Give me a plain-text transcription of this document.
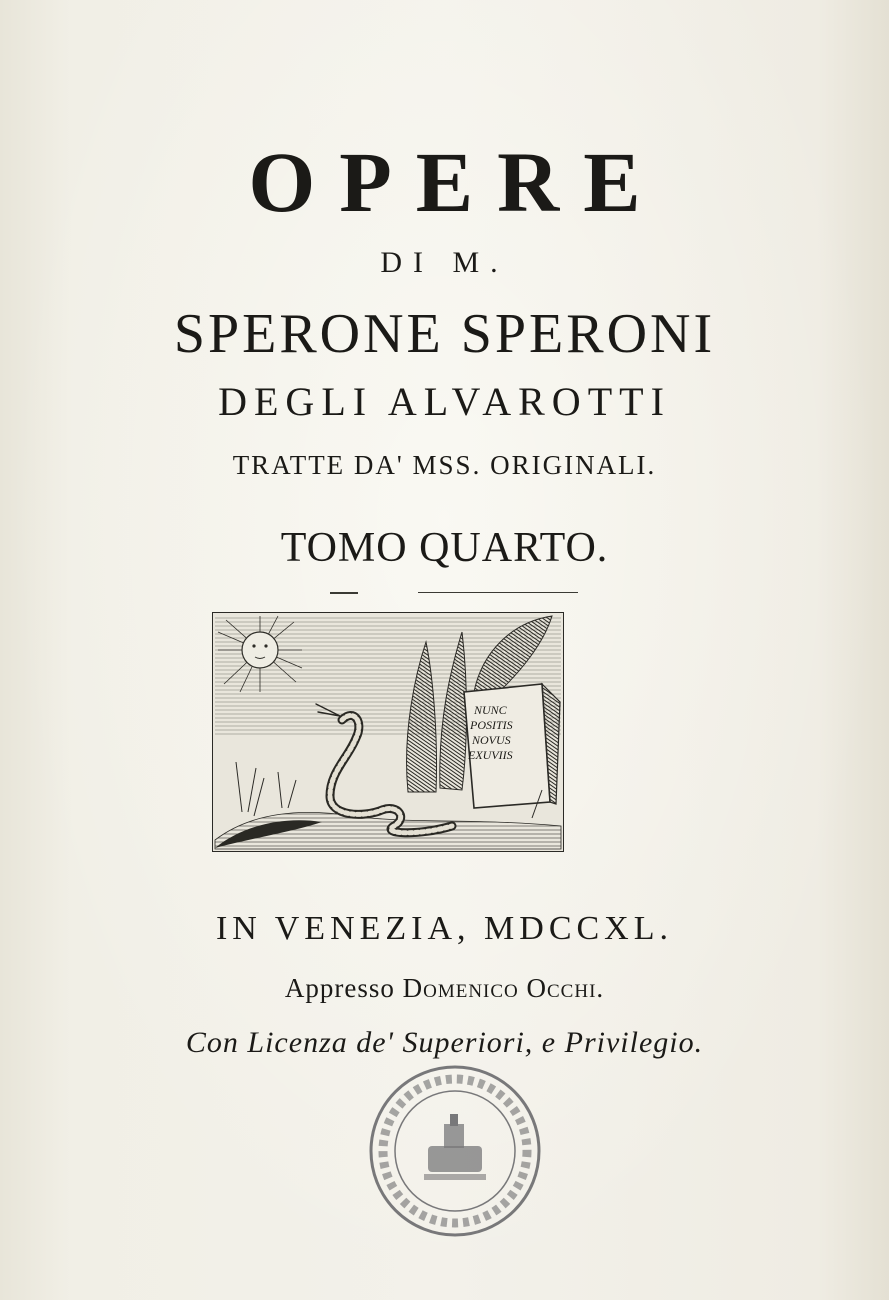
OPERE
DI M.
SPERONE SPERONI
DEGLI ALVAROTTI
TRATTE DA' MSS. ORIGINALI.
TOMO QUARTO.
NUNC
POSITIS
NOVUS
EXUVIIS
IN VENEZIA, MDCCXL.
Appresso Domenico Occhi.
Con Licenza de' Superiori, e Privilegio.
